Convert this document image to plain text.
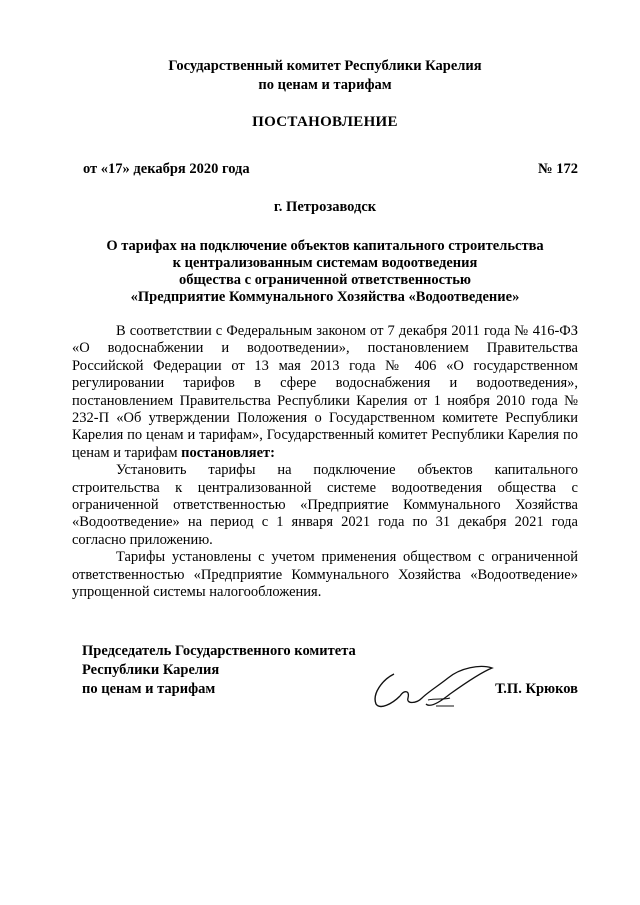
Государственный комитет Республики Карелия
по ценам и тарифам
ПОСТАНОВЛЕНИЕ
от «17» декабря 2020 года	№ 172
г. Петрозаводск
О тарифах на подключение объектов капитального строительства
к централизованным системам водоотведения
общества с ограниченной ответственностью
«Предприятие Коммунального Хозяйства «Водоотведение»

В соответствии с Федеральным законом от 7 декабря 2011 года № 416-ФЗ «О водоснабжении и водоотведении», постановлением Правительства Российской Федерации от 13 мая 2013 года № 406 «О государственном регулировании тарифов в сфере водоснабжения и водоотведения», постановлением Правительства Республики Карелия от 1 ноября 2010 года № 232-П «Об утверждении Положения о Государственном комитете Республики Карелия по ценам и тарифам», Государственный комитет Республики Карелия по ценам и тарифам постановляет:

Установить тарифы на подключение объектов капитального строительства к централизованной системе водоотведения общества с ограниченной ответственностью «Предприятие Коммунального Хозяйства «Водоотведение» на период с 1 января 2021 года по 31 декабря 2021 года согласно приложению.

Тарифы установлены с учетом применения обществом с ограниченной ответственностью «Предприятие Коммунального Хозяйства «Водоотведение» упрощенной системы налогообложения.

Председатель Государственного комитета
Республики Карелия
по ценам и тарифам	Т.П. Крюков
